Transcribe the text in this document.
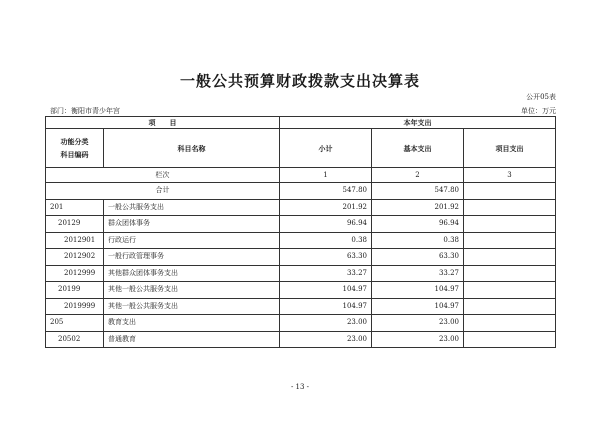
一般公共预算财政拨款支出决算表
公开05表
部门：衡阳市青少年宫	单位：万元
项　　目		本年支出		

功能分类
科目编码	科目名称	小计	基本支出	项目支出
栏次		1	2	3
合计		547.80	547.80	
201	一般公共服务支出	201.92	201.92	
20129	群众团体事务	96.94	96.94	
2012901	行政运行	0.38	0.38	
2012902	一般行政管理事务	63.30	63.30	
2012999	其他群众团体事务支出	33.27	33.27	
20199	其他一般公共服务支出	104.97	104.97	
2019999	其他一般公共服务支出	104.97	104.97	
205	教育支出	23.00	23.00	
20502	普通教育	23.00	23.00	
- 13 -
